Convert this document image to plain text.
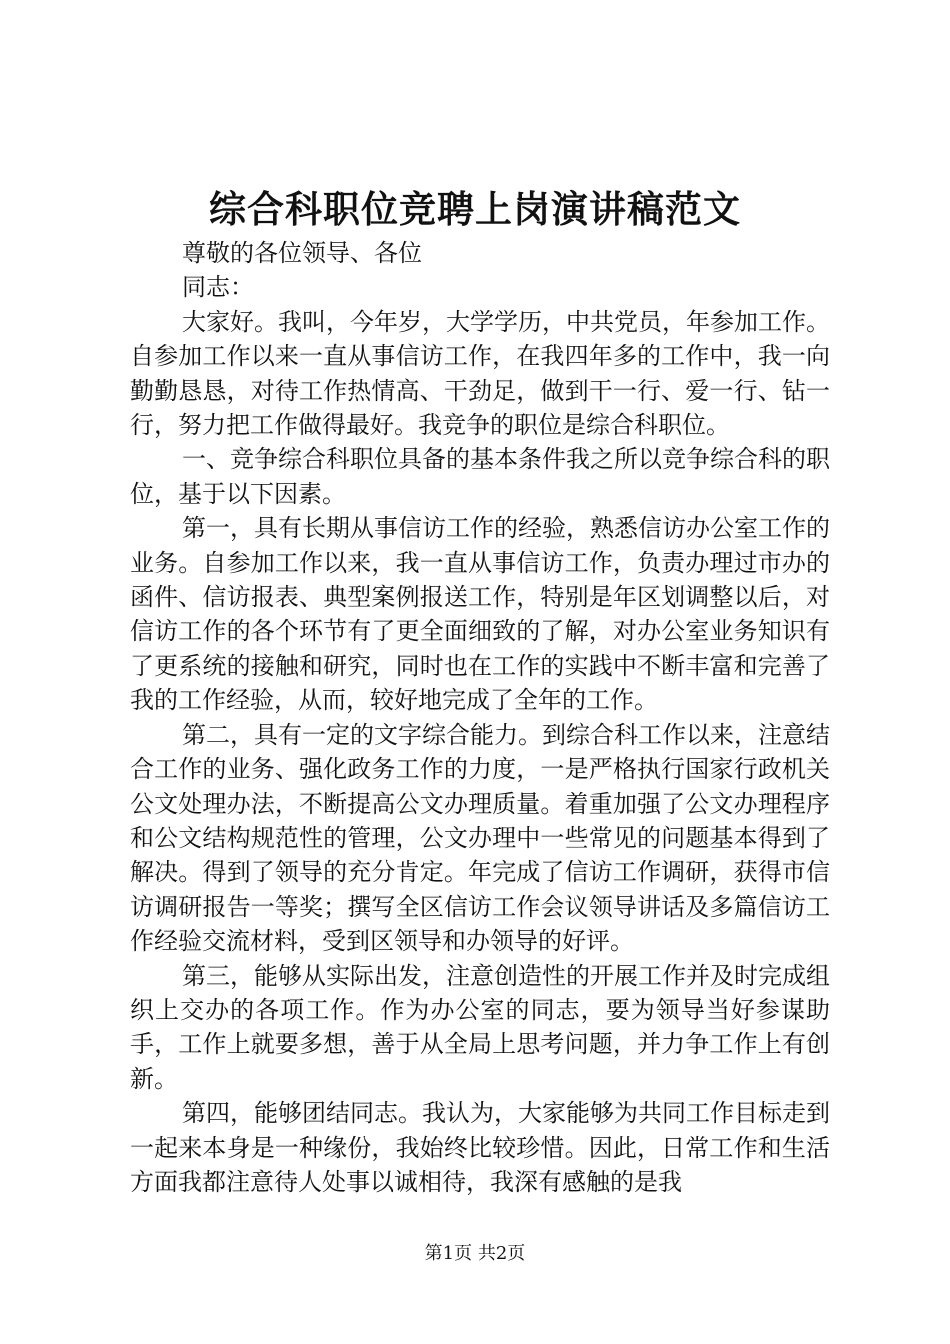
综合科职位竞聘上岗演讲稿范文

尊敬的各位领导、各位

同志：

大家好。我叫，今年岁，大学学历，中共党员，年参加工作。自参加工作以来一直从事信访工作，在我四年多的工作中，我一向勤勤恳恳，对待工作热情高、干劲足，做到干一行、爱一行、钻一行，努力把工作做得最好。我竞争的职位是综合科职位。

一、竞争综合科职位具备的基本条件我之所以竞争综合科的职位，基于以下因素。

第一，具有长期从事信访工作的经验，熟悉信访办公室工作的业务。自参加工作以来，我一直从事信访工作，负责办理过市办的函件、信访报表、典型案例报送工作，特别是年区划调整以后，对信访工作的各个环节有了更全面细致的了解，对办公室业务知识有了更系统的接触和研究，同时也在工作的实践中不断丰富和完善了我的工作经验，从而，较好地完成了全年的工作。

第二，具有一定的文字综合能力。到综合科工作以来，注意结合工作的业务、强化政务工作的力度，一是严格执行国家行政机关公文处理办法，不断提高公文办理质量。着重加强了公文办理程序和公文结构规范性的管理，公文办理中一些常见的问题基本得到了解决。得到了领导的充分肯定。年完成了信访工作调研，获得市信访调研报告一等奖；撰写全区信访工作会议领导讲话及多篇信访工作经验交流材料，受到区领导和办领导的好评。

第三，能够从实际出发，注意创造性的开展工作并及时完成组织上交办的各项工作。作为办公室的同志，要为领导当好参谋助手，工作上就要多想，善于从全局上思考问题，并力争工作上有创新。

第四，能够团结同志。我认为，大家能够为共同工作目标走到一起来本身是一种缘份，我始终比较珍惜。因此，日常工作和生活方面我都注意待人处事以诚相待，我深有感触的是我

第1页 共2页
